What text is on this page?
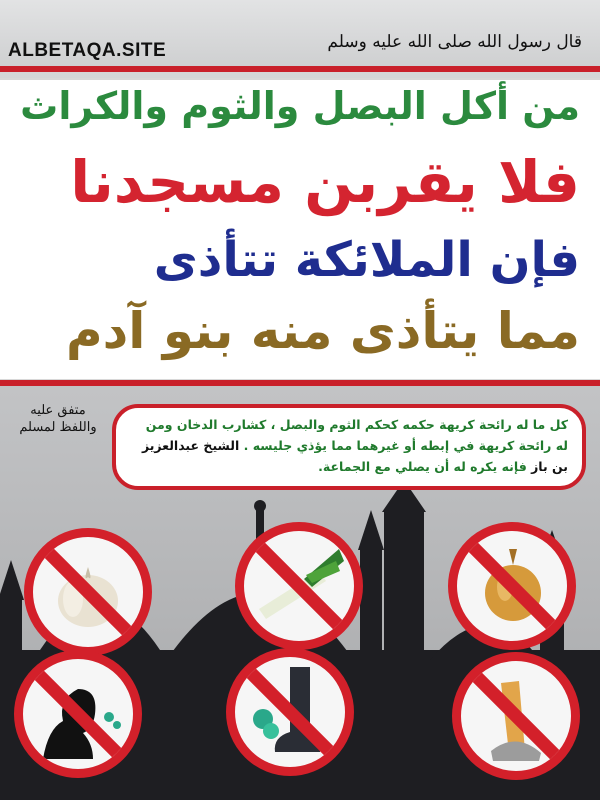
ALBETAQA.SITE	قال رسول الله صلى الله عليه وسلم
من أكل البصل والثوم والكراث
فلا يقربن مسجدنا
فإن الملائكة تتأذى
مما يتأذى منه بنو آدم
متفق عليه
واللفظ لمسلم	كل ما له رائحة كريهة حكمه كحكم الثوم والبصل ، كشارب الدخان ومن له رائحة كريهة في إبطه أو غيرهما مما يؤذي جليسه . الشيخ عبدالعزيز بن باز فإنه يكره له أن يصلي مع الجماعة.
